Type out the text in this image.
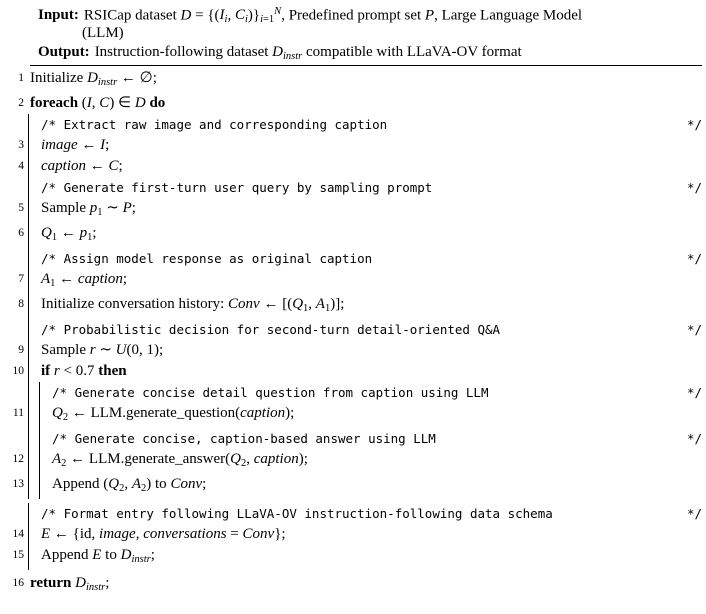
Input: RSICap dataset $D = \{(I_i$, $C_i)\}_{i=1}^N$, Predefined prompt set P, Large Language Model
(LLM)
Output: Instruction-following dataset $D_{instr}$ compatible with LLaVA-OV format
1 Initialize $D_{instr}$ ← ∅;
2 foreach (I, C) ∈ D do
/* Extract raw image and corresponding caption	*/
3 image ← I;
4 caption ← C;
/* Generate first-turn user query by sampling prompt	*/
5 Sample $p_1$ ∼ P;
6 $Q_1$ ← $p_1$;
/* Assign model response as original caption	*/
7 $A_1$ ← caption;
8 Initialize conversation history: Conv ← [($Q_1$, $A_1$)];
/* Probabilistic decision for second-turn detail-oriented Q&A	*/
9 Sample r ∼ U(0, 1);
10 if r < 0.7 then
/* Generate concise detail question from caption using LLM	*/
11 $Q_2$ ← LLM.generate_question(caption);
/* Generate concise, caption-based answer using LLM	*/
12 $A_2$ ← $LLM.generate\_answer(Q_2$, caption);
13 Append ($Q_2$, $A_2$) to Conv;
/* Format entry following LLaVA-OV instruction-following data schema	*/
14 E ← {id, image, conversations = Conv};
15 Append E to $D_{instr}$;
16 return $D_{instr}$;
